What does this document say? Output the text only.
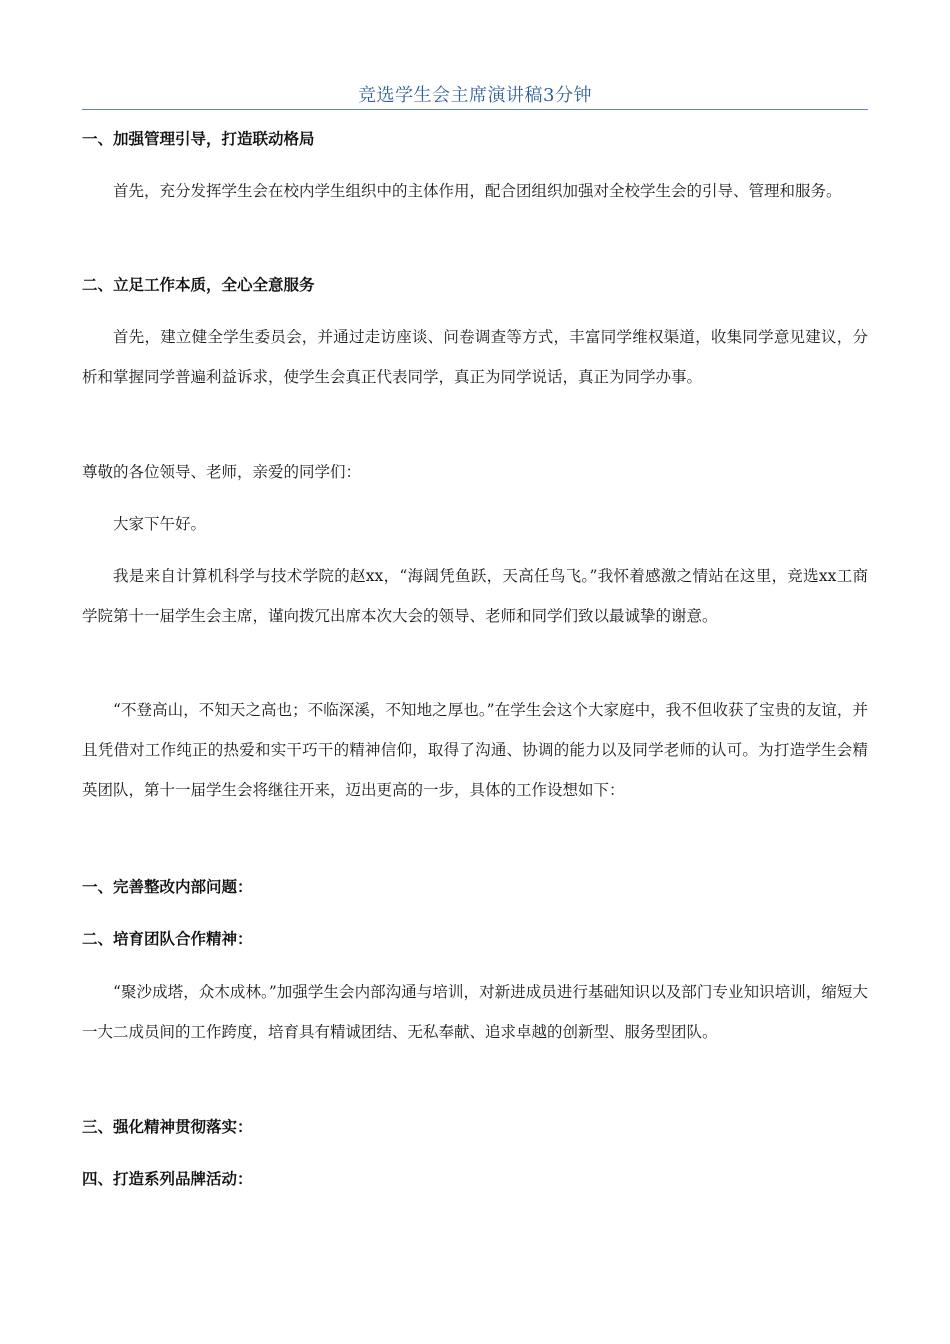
竞选学生会主席演讲稿3分钟
一、加强管理引导，打造联动格局

首先，充分发挥学生会在校内学生组织中的主体作用，配合团组织加强对全校学生会的引导、管理和服务。

二、立足工作本质，全心全意服务

首先，建立健全学生委员会，并通过走访座谈、问卷调查等方式，丰富同学维权渠道，收集同学意见建议，分析和掌握同学普遍利益诉求，使学生会真正代表同学，真正为同学说话，真正为同学办事。

尊敬的各位领导、老师，亲爱的同学们：

大家下午好。

我是来自计算机科学与技术学院的赵xx，“海阔凭鱼跃，天高任鸟飞。”我怀着感激之情站在这里，竞选xx工商学院第十一届学生会主席，谨向拨冗出席本次大会的领导、老师和同学们致以最诚挚的谢意。

“不登高山，不知天之高也；不临深溪，不知地之厚也。”在学生会这个大家庭中，我不但收获了宝贵的友谊，并且凭借对工作纯正的热爱和实干巧干的精神信仰，取得了沟通、协调的能力以及同学老师的认可。为打造学生会精英团队，第十一届学生会将继往开来，迈出更高的一步，具体的工作设想如下：

一、完善整改内部问题：
二、培育团队合作精神：

“聚沙成塔，众木成林。”加强学生会内部沟通与培训，对新进成员进行基础知识以及部门专业知识培训，缩短大一大二成员间的工作跨度，培育具有精诚团结、无私奉献、追求卓越的创新型、服务型团队。

三、强化精神贯彻落实：
四、打造系列品牌活动：
